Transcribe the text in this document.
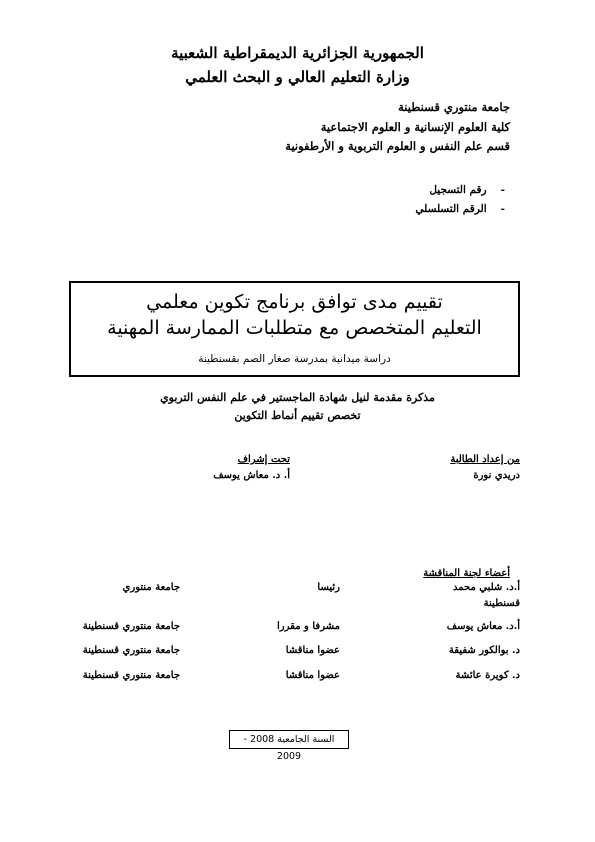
الجمهورية الجزائرية الديمقراطية الشعبية
وزارة التعليم العالي و البحث العلمي
جامعة منتوري قسنطينة
كلية العلوم الإنسانية و العلوم الاجتماعية
قسم علم النفس و العلوم التربوية و الأرطفونية
-رقم التسجيل
-الرقم التسلسلي
تقييم مدى توافق برنامج تكوين معلمي
التعليم المتخصص مع متطلبات الممارسة المهنية
دراسة ميدانية بمدرسة صغار الصم بقسنطينة
مذكرة مقدمة لنيل شهادة الماجستير في علم النفس التربوي
تخصص تقييم أنماط التكوين
تحت إشراف
أ. د. معاش يوسف
من إعداد الطالبة
دريدي نورة
أعضاء لجنة المناقشة
أ.د. شلبي محمد
قسنطينة
رئيسا
جامعة منتوري
أ.د. معاش يوسف
مشرفا و مقررا
جامعة منتوري قسنطينة
د. بوالكور شفيقة
عضوا مناقشا
جامعة منتوري قسنطينة
د. كويرة عائشة
عضوا مناقشا
جامعة منتوري قسنطينة
السنة الجامعية 2008 - 2009
